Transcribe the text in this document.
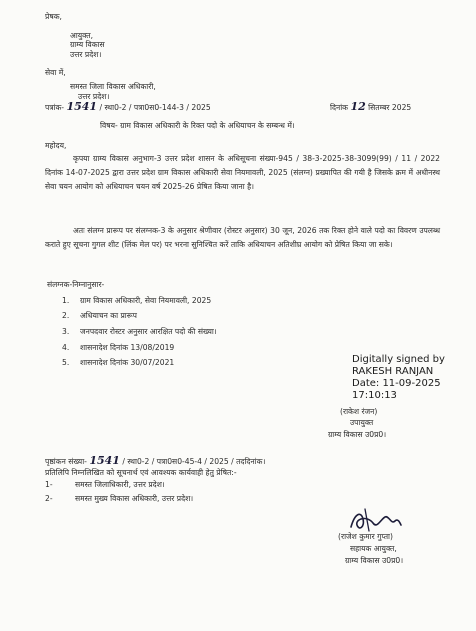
प्रेषक,
आयुक्त,
ग्राम्य विकास
उत्तर प्रदेश।
सेवा में,
समस्त जिला विकास अधिकारी,
उत्तर प्रदेश।
पत्रांक- 1541 / स्था0-2 / पत्रा0स0-144-3 / 2025	दिनांक 12 सितम्बर 2025
विषय- ग्राम विकास अधिकारी के रिक्त पदो के अधियाचन के सम्बन्ध में।
महोदय,
कृपया ग्राम्य विकास अनुभाग-3 उत्तर प्रदेश शासन के अधिसूचना संख्या-945 / 38-3-2025-38-3099(99) / 11 / 2022 दिनांक 14-07-2025 द्वारा उत्तर प्रदेश ग्राम विकास अधिकारी सेवा नियमावली, 2025 (संलग्न) प्रख्यापित की गयी है जिसके क्रम में अधीनस्थ सेवा चयन आयोग को अधियाचन चयन वर्ष 2025-26 प्रेषित किया जाना है।
अतः संलग्न प्रारूप पर संलग्नक-3 के अनुसार श्रेणीवार (रोस्टर अनुसार) 30 जून, 2026 तक रिक्त होने वाले पदो का विवरण उपलब्ध कराते हुए सूचना गुगल शीट (लिंक मेल पर) पर भरना सुनिश्चित करें ताकि अधियाचन अतिशीघ्र आयोग को प्रेषित किया जा सके।
संलग्नक-निम्नानुसार-
1. ग्राम विकास अधिकारी, सेवा नियमावली, 2025
2. अधियाचन का प्रारूप
3. जनपदवार रोस्टर अनुसार आरक्षित पदो की संख्या।
4. शासनादेश दिनांक 13/08/2019
5. शासनादेश दिनांक 30/07/2021	Digitally signed by
RAKESH RANJAN
Date: 11-09-2025
17:10:13
(राकेश रंजन)
उपायुक्त
ग्राम्य विकास उ0प्र0।
पृष्ठांकन संख्या- 1541 / स्था0-2 / पत्रा0स0-45-4 / 2025 / तददिनांक।
प्रतिलिपि निम्नलिखित को सूचनार्थ एवं आवश्यक कार्यवाही हेतु प्रेषित:-
1-	समस्त जिलाधिकारी, उत्तर प्रदेश।
2-	समस्त मुख्य विकास अधिकारी, उत्तर प्रदेश।
(राजेश कुमार गुप्ता)
सहायक आयुक्त,
ग्राम्य विकास उ0प्र0।
